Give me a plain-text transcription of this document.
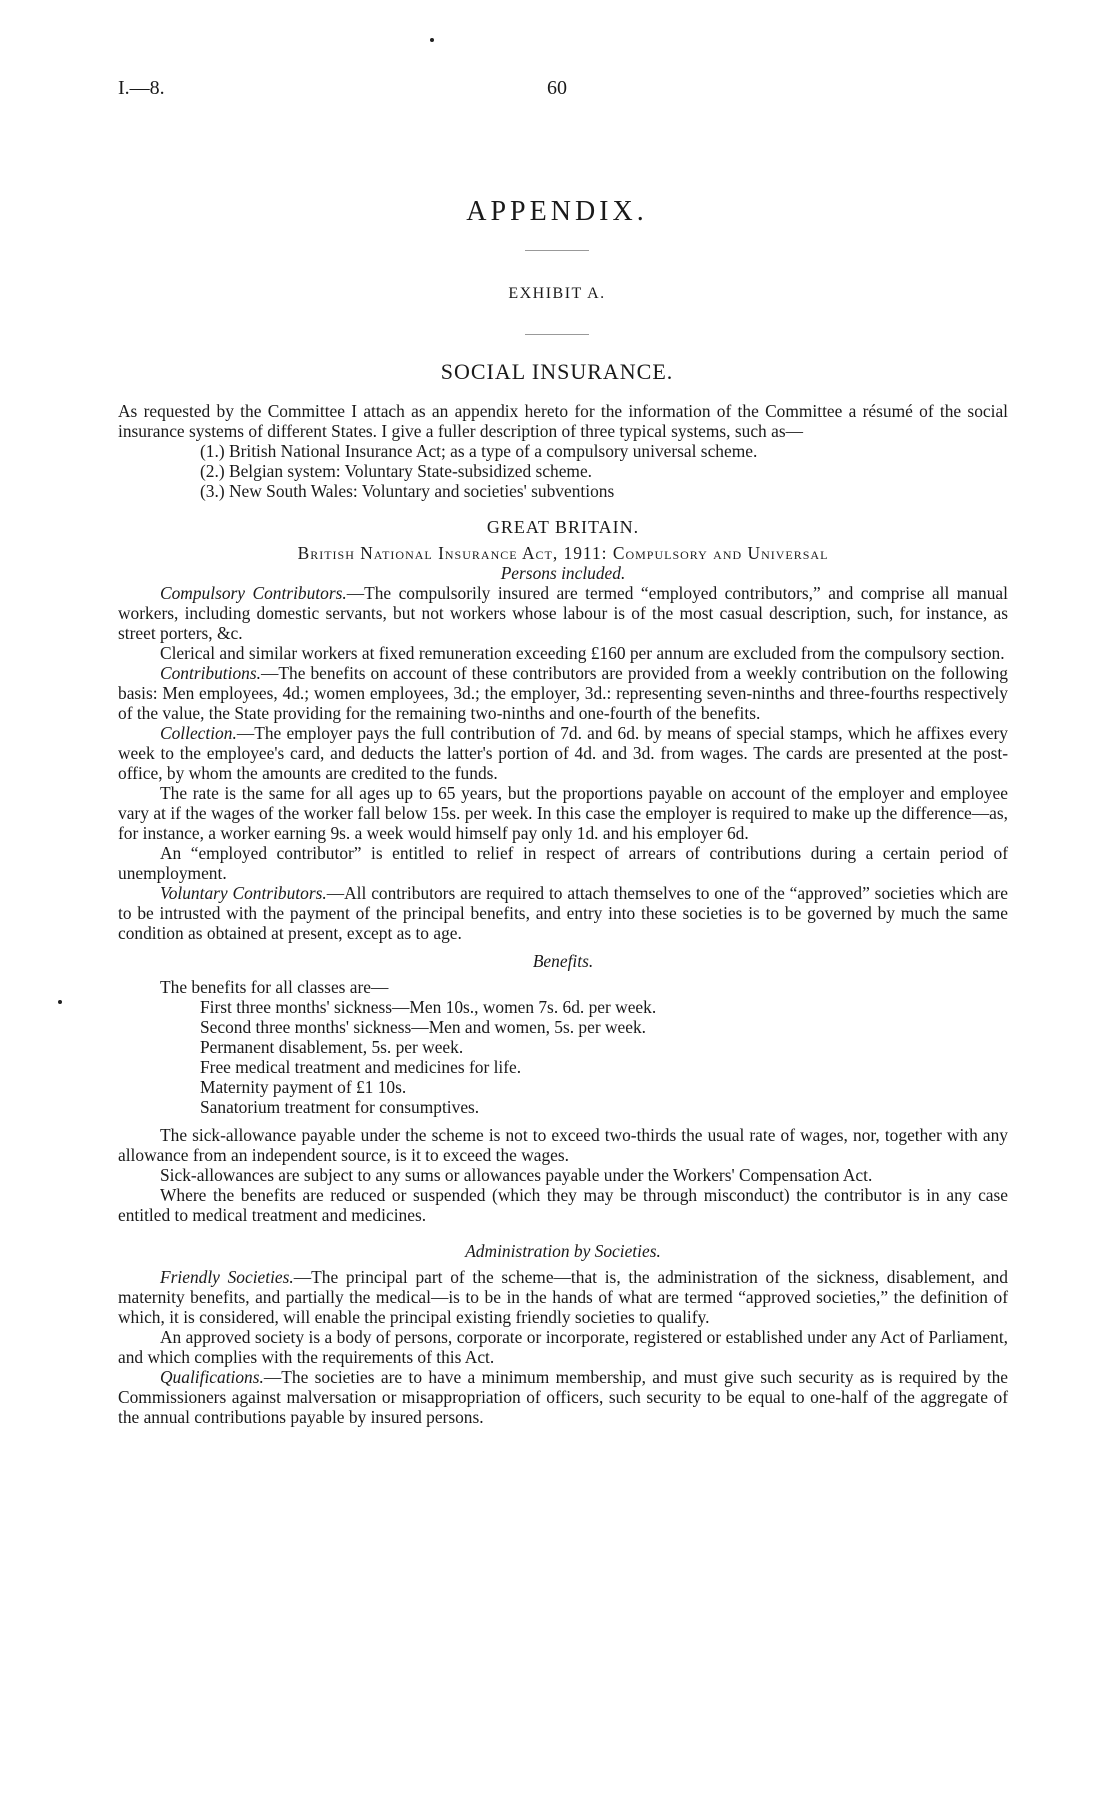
I.—8.	60
APPENDIX.
EXHIBIT A.
SOCIAL INSURANCE.

As requested by the Committee I attach as an appendix hereto for the information of the Committee a résumé of the social insurance systems of different States. I give a fuller description of three typical systems, such as—

(1.) British National Insurance Act; as a type of a compulsory universal scheme.

(2.) Belgian system: Voluntary State-subsidized scheme.

(3.) New South Wales: Voluntary and societies' subventions

GREAT BRITAIN.

British National Insurance Act, 1911: Compulsory and Universal

Persons included.

Compulsory Contributors.—The compulsorily insured are termed “employed contributors,” and comprise all manual workers, including domestic servants, but not workers whose labour is of the most casual description, such, for instance, as street porters, &c.

Clerical and similar workers at fixed remuneration exceeding £160 per annum are excluded from the compulsory section.

Contributions.—The benefits on account of these contributors are provided from a weekly contribution on the following basis: Men employees, 4d.; women employees, 3d.; the employer, 3d.: representing seven-ninths and three-fourths respectively of the value, the State providing for the remaining two-ninths and one-fourth of the benefits.

Collection.—The employer pays the full contribution of 7d. and 6d. by means of special stamps, which he affixes every week to the employee's card, and deducts the latter's portion of 4d. and 3d. from wages. The cards are presented at the post-office, by whom the amounts are credited to the funds.

The rate is the same for all ages up to 65 years, but the proportions payable on account of the employer and employee vary at if the wages of the worker fall below 15s. per week. In this case the employer is required to make up the difference—as, for instance, a worker earning 9s. a week would himself pay only 1d. and his employer 6d.

An “employed contributor” is entitled to relief in respect of arrears of contributions during a certain period of unemployment.

Voluntary Contributors.—All contributors are required to attach themselves to one of the “approved” societies which are to be intrusted with the payment of the principal benefits, and entry into these societies is to be governed by much the same condition as obtained at present, except as to age.

Benefits.

The benefits for all classes are—

First three months' sickness—Men 10s., women 7s. 6d. per week.

Second three months' sickness—Men and women, 5s. per week.

Permanent disablement, 5s. per week.

Free medical treatment and medicines for life.

Maternity payment of £1 10s.

Sanatorium treatment for consumptives.

The sick-allowance payable under the scheme is not to exceed two-thirds the usual rate of wages, nor, together with any allowance from an independent source, is it to exceed the wages.

Sick-allowances are subject to any sums or allowances payable under the Workers' Compensation Act.

Where the benefits are reduced or suspended (which they may be through misconduct) the contributor is in any case entitled to medical treatment and medicines.

Administration by Societies.

Friendly Societies.—The principal part of the scheme—that is, the administration of the sickness, disablement, and maternity benefits, and partially the medical—is to be in the hands of what are termed “approved societies,” the definition of which, it is considered, will enable the principal existing friendly societies to qualify.

An approved society is a body of persons, corporate or incorporate, registered or established under any Act of Parliament, and which complies with the requirements of this Act.

Qualifications.—The societies are to have a minimum membership, and must give such security as is required by the Commissioners against malversation or misappropriation of officers, such security to be equal to one-half of the aggregate of the annual contributions payable by insured persons.
